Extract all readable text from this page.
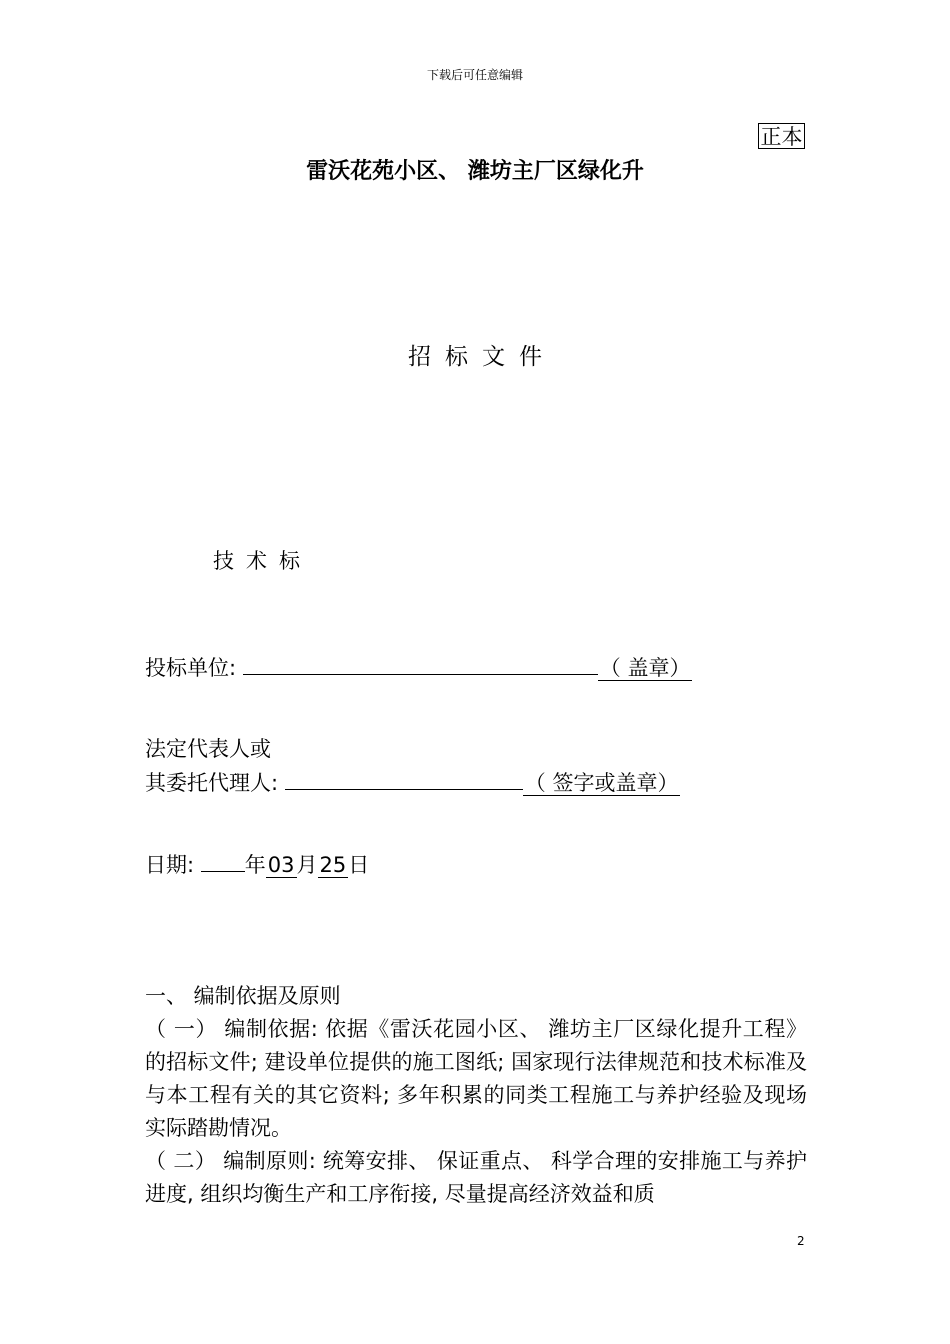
下载后可任意编辑
正本
雷沃花苑小区、 潍坊主厂区绿化升
招标文件
技术标
投标单位:	（ 盖章）
法定代表人或
其委托代理人:	（ 签字或盖章）
日期: 年03月25日

一、 编制依据及原则

（ 一） 编制依据: 依据《雷沃花园小区、 潍坊主厂区绿化提升工程》的招标文件; 建设单位提供的施工图纸; 国家现行法律规范和技术标准及与本工程有关的其它资料; 多年积累的同类工程施工与养护经验及现场实际踏勘情况。

（ 二） 编制原则: 统筹安排、 保证重点、 科学合理的安排施工与养护进度, 组织均衡生产和工序衔接, 尽量提高经济效益和质

2
